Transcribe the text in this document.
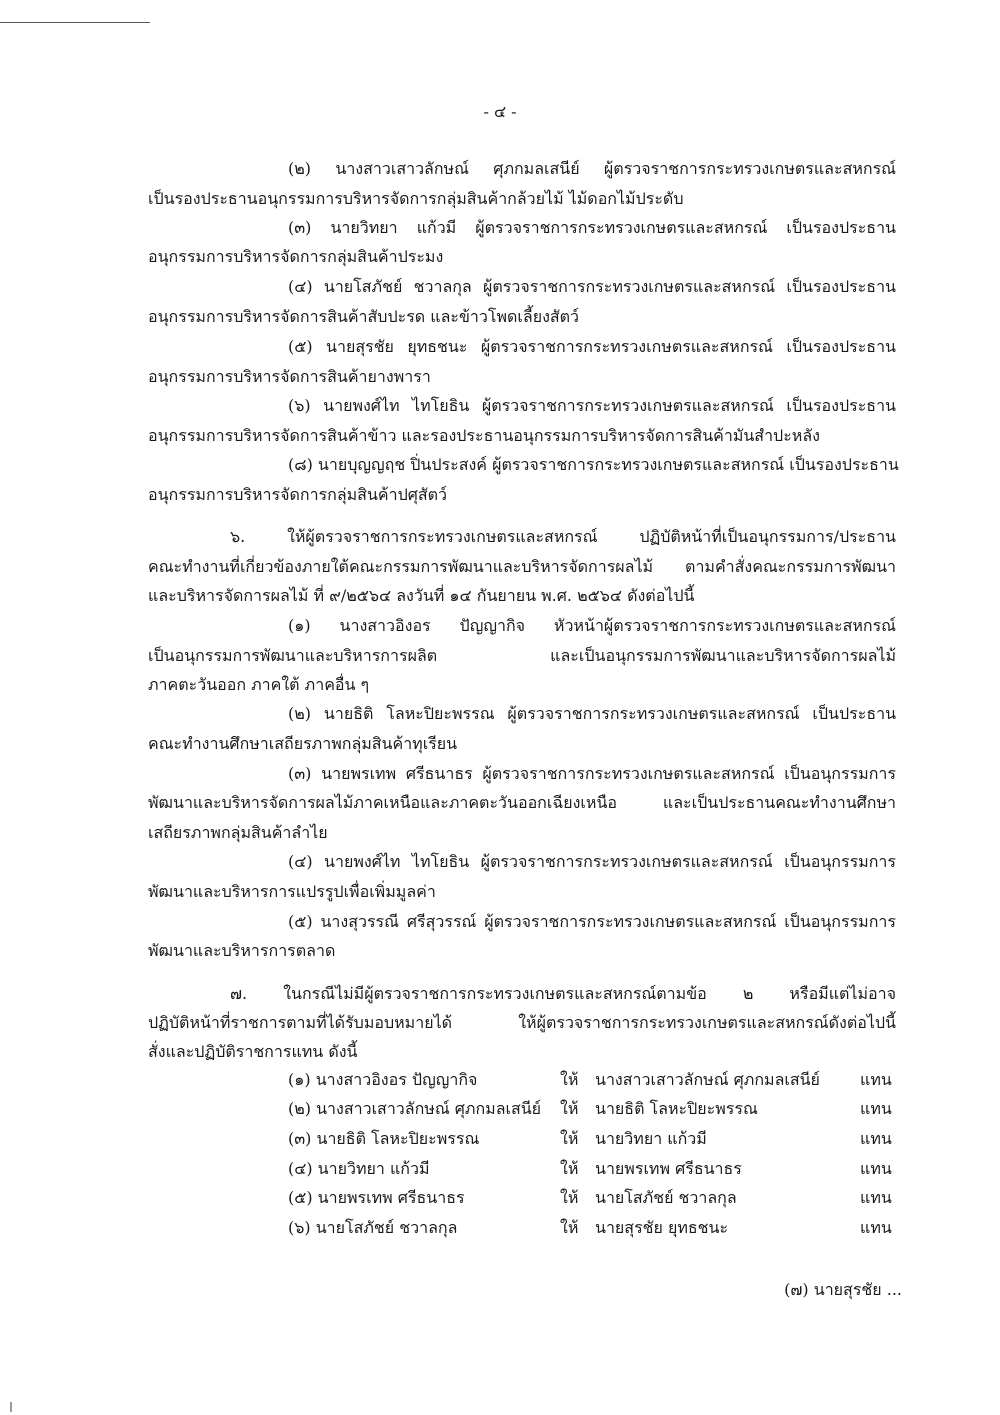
- ๔ -
(๒) นางสาวเสาวลักษณ์ ศุภกมลเสนีย์ ผู้ตรวจราชการกระทรวงเกษตรและสหกรณ์
เป็นรองประธานอนุกรรมการบริหารจัดการกลุ่มสินค้ากล้วยไม้ ไม้ดอกไม้ประดับ
(๓) นายวิทยา แก้วมี ผู้ตรวจราชการกระทรวงเกษตรและสหกรณ์ เป็นรองประธาน
อนุกรรมการบริหารจัดการกลุ่มสินค้าประมง
(๔) นายโสภัชย์ ชวาลกุล ผู้ตรวจราชการกระทรวงเกษตรและสหกรณ์ เป็นรองประธาน
อนุกรรมการบริหารจัดการสินค้าสับปะรด และข้าวโพดเลี้ยงสัตว์
(๕) นายสุรชัย ยุทธชนะ ผู้ตรวจราชการกระทรวงเกษตรและสหกรณ์ เป็นรองประธาน
อนุกรรมการบริหารจัดการสินค้ายางพารา
(๖) นายพงศ์ไท ไทโยธิน ผู้ตรวจราชการกระทรวงเกษตรและสหกรณ์ เป็นรองประธาน
อนุกรรมการบริหารจัดการสินค้าข้าว และรองประธานอนุกรรมการบริหารจัดการสินค้ามันสำปะหลัง
(๘) นายบุญญฤช ปิ่นประสงค์ ผู้ตรวจราชการกระทรวงเกษตรและสหกรณ์ เป็นรองประธาน
อนุกรรมการบริหารจัดการกลุ่มสินค้าปศุสัตว์
๖. ให้ผู้ตรวจราชการกระทรวงเกษตรและสหกรณ์ ปฏิบัติหน้าที่เป็นอนุกรรมการ/ประธาน
คณะทำงานที่เกี่ยวข้องภายใต้คณะกรรมการพัฒนาและบริหารจัดการผลไม้ ตามคำสั่งคณะกรรมการพัฒนา
และบริหารจัดการผลไม้ ที่ ๙/๒๕๖๔ ลงวันที่ ๑๔ กันยายน พ.ศ. ๒๕๖๔ ดังต่อไปนี้
(๑) นางสาวอิงอร ปัญญากิจ หัวหน้าผู้ตรวจราชการกระทรวงเกษตรและสหกรณ์
เป็นอนุกรรมการพัฒนาและบริหารการผลิต และเป็นอนุกรรมการพัฒนาและบริหารจัดการผลไม้
ภาคตะวันออก ภาคใต้ ภาคอื่น ๆ
(๒) นายธิติ โลหะปิยะพรรณ ผู้ตรวจราชการกระทรวงเกษตรและสหกรณ์ เป็นประธาน
คณะทำงานศึกษาเสถียรภาพกลุ่มสินค้าทุเรียน
(๓) นายพรเทพ ศรีธนาธร ผู้ตรวจราชการกระทรวงเกษตรและสหกรณ์ เป็นอนุกรรมการ
พัฒนาและบริหารจัดการผลไม้ภาคเหนือและภาคตะวันออกเฉียงเหนือ และเป็นประธานคณะทำงานศึกษา
เสถียรภาพกลุ่มสินค้าลำไย
(๔) นายพงศ์ไท ไทโยธิน ผู้ตรวจราชการกระทรวงเกษตรและสหกรณ์ เป็นอนุกรรมการ
พัฒนาและบริหารการแปรรูปเพื่อเพิ่มมูลค่า
(๕) นางสุวรรณี ศรีสุวรรณ์ ผู้ตรวจราชการกระทรวงเกษตรและสหกรณ์ เป็นอนุกรรมการ
พัฒนาและบริหารการตลาด
๗. ในกรณีไม่มีผู้ตรวจราชการกระทรวงเกษตรและสหกรณ์ตามข้อ ๒ หรือมีแต่ไม่อาจ
ปฏิบัติหน้าที่ราชการตามที่ได้รับมอบหมายได้ ให้ผู้ตรวจราชการกระทรวงเกษตรและสหกรณ์ดังต่อไปนี้
สั่งและปฏิบัติราชการแทน ดังนี้
(๑) นางสาวอิงอร ปัญญากิจ	ให้ นางสาวเสาวลักษณ์ ศุภกมลเสนีย์	แทน
(๒) นางสาวเสาวลักษณ์ ศุภกมลเสนีย์ ให้ นายธิติ โลหะปิยะพรรณ	แทน
(๓) นายธิติ โลหะปิยะพรรณ	ให้ นายวิทยา แก้วมี	แทน
(๔) นายวิทยา แก้วมี	ให้ นายพรเทพ ศรีธนาธร	แทน
(๕) นายพรเทพ ศรีธนาธร	ให้ นายโสภัชย์ ชวาลกุล	แทน
(๖) นายโสภัชย์ ชวาลกุล	ให้ นายสุรชัย ยุทธชนะ	แทน
(๗) นายสุรชัย ...
